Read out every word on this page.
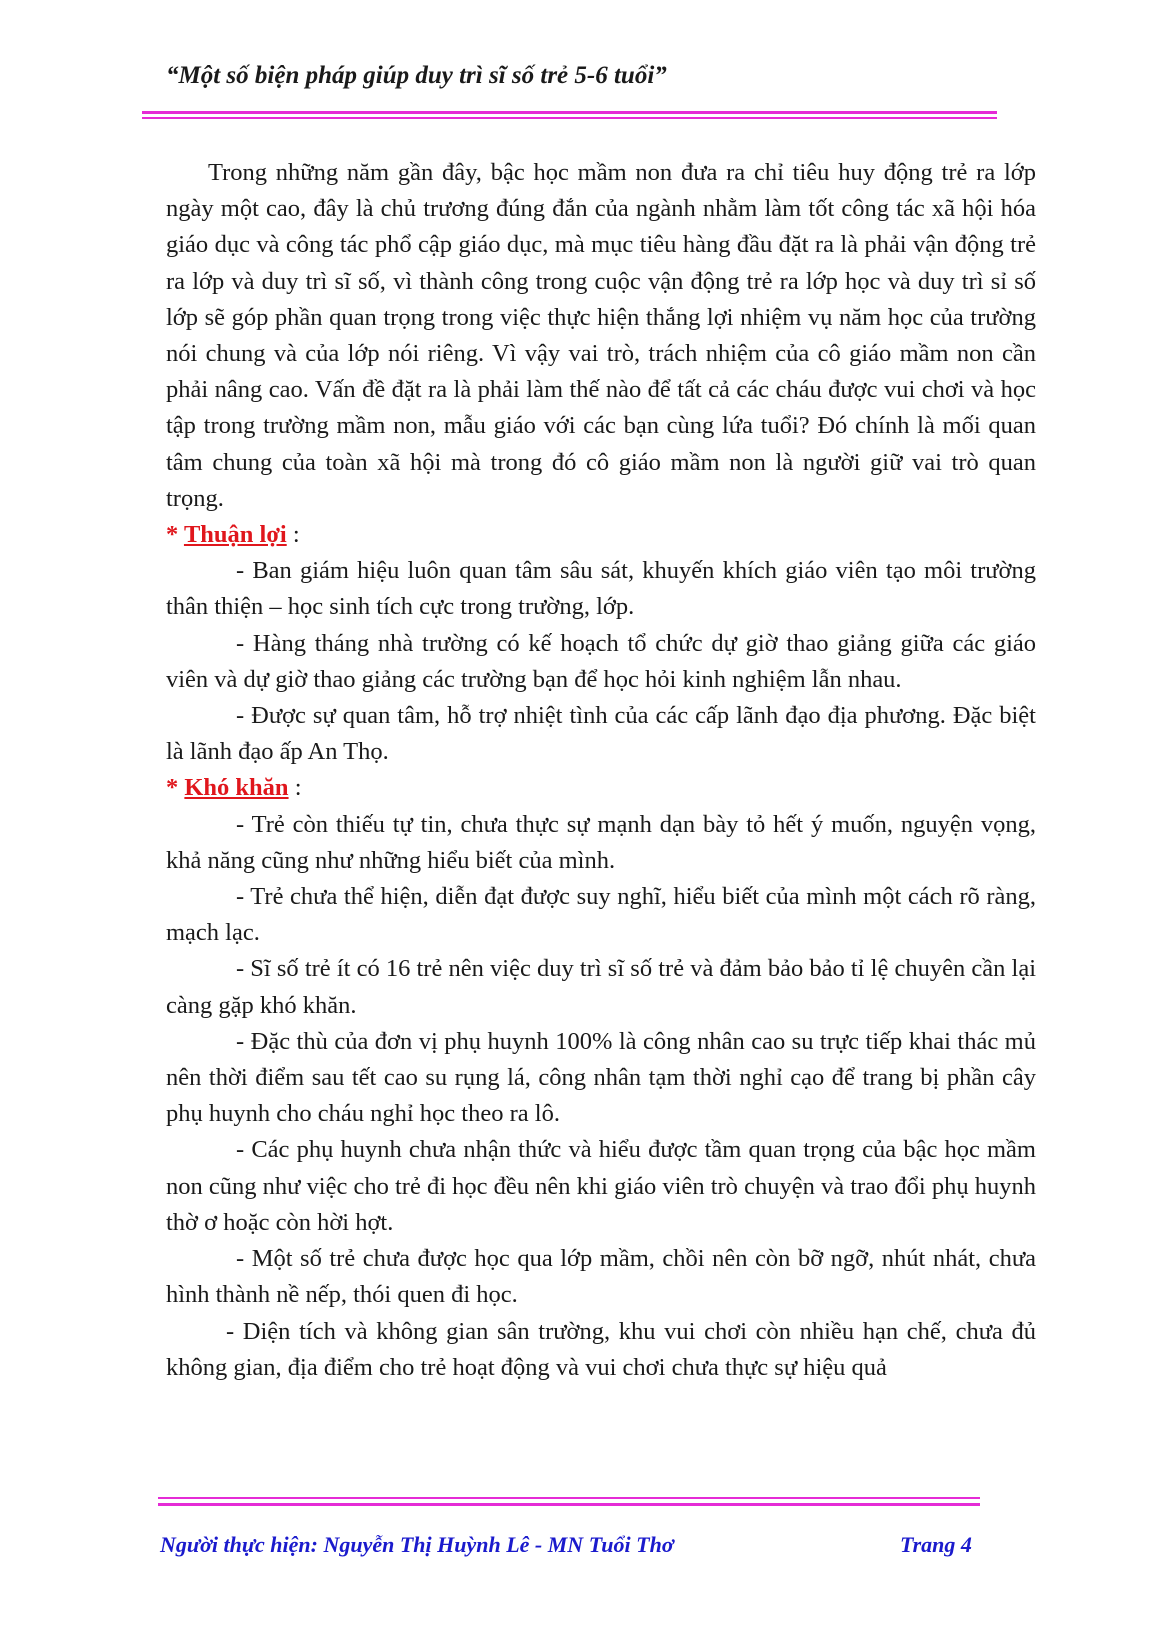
“Một số biện pháp giúp duy trì sĩ số trẻ 5-6 tuổi”

Trong những năm gần đây, bậc học mầm non đưa ra chỉ tiêu huy động trẻ ra lớp ngày một cao, đây là chủ trương đúng đắn của ngành nhằm làm tốt công tác xã hội hóa giáo dục và công tác phổ cập giáo dục, mà mục tiêu hàng đầu đặt ra là phải vận động trẻ ra lớp và duy trì sĩ số, vì thành công trong cuộc vận động trẻ ra lớp học và duy trì sỉ số lớp sẽ góp phần quan trọng trong việc thực hiện thắng lợi nhiệm vụ năm học của trường nói chung và của lớp nói riêng. Vì vậy vai trò, trách nhiệm của cô giáo mầm non cần phải nâng cao. Vấn đề đặt ra là phải làm thế nào để tất cả các cháu được vui chơi và học tập trong trường mầm non, mẫu giáo với các bạn cùng lứa tuổi? Đó chính là mối quan tâm chung của toàn xã hội mà trong đó cô giáo mầm non là người giữ vai trò quan trọng.

* Thuận lợi :

- Ban giám hiệu luôn quan tâm sâu sát, khuyến khích giáo viên tạo môi trường thân thiện – học sinh tích cực trong trường, lớp.

- Hàng tháng nhà trường có kế hoạch tổ chức dự giờ thao giảng giữa các giáo viên và dự giờ thao giảng các trường bạn để học hỏi kinh nghiệm lẫn nhau.

- Được sự quan tâm, hỗ trợ nhiệt tình của các cấp lãnh đạo địa phương. Đặc biệt là lãnh đạo ấp An Thọ.

* Khó khăn :

- Trẻ còn thiếu tự tin, chưa thực sự mạnh dạn bày tỏ hết ý muốn, nguyện vọng, khả năng cũng như những hiểu biết của mình.

- Trẻ chưa thể hiện, diễn đạt được suy nghĩ, hiểu biết của mình một cách rõ ràng, mạch lạc.

- Sĩ số trẻ ít có 16 trẻ nên việc duy trì sĩ số trẻ và đảm bảo bảo tỉ lệ chuyên cần lại càng gặp khó khăn.

- Đặc thù của đơn vị phụ huynh 100% là công nhân cao su trực tiếp khai thác mủ nên thời điểm sau tết cao su rụng lá, công nhân tạm thời nghỉ cạo để trang bị phần cây phụ huynh cho cháu nghỉ học theo ra lô.

- Các phụ huynh chưa nhận thức và hiểu được tầm quan trọng của bậc học mầm non cũng như việc cho trẻ đi học đều nên khi giáo viên trò chuyện và trao đổi phụ huynh thờ ơ hoặc còn hời hợt.

- Một số trẻ chưa được học qua lớp mầm, chồi nên còn bỡ ngỡ, nhút nhát, chưa hình thành nề nếp, thói quen đi học.

- Diện tích và không gian sân trường, khu vui chơi còn nhiều hạn chế, chưa đủ không gian, địa điểm cho trẻ hoạt động và vui chơi chưa thực sự hiệu quả

Người thực hiện: Nguyễn Thị Huỳnh Lê - MN Tuổi Thơ	Trang 4
